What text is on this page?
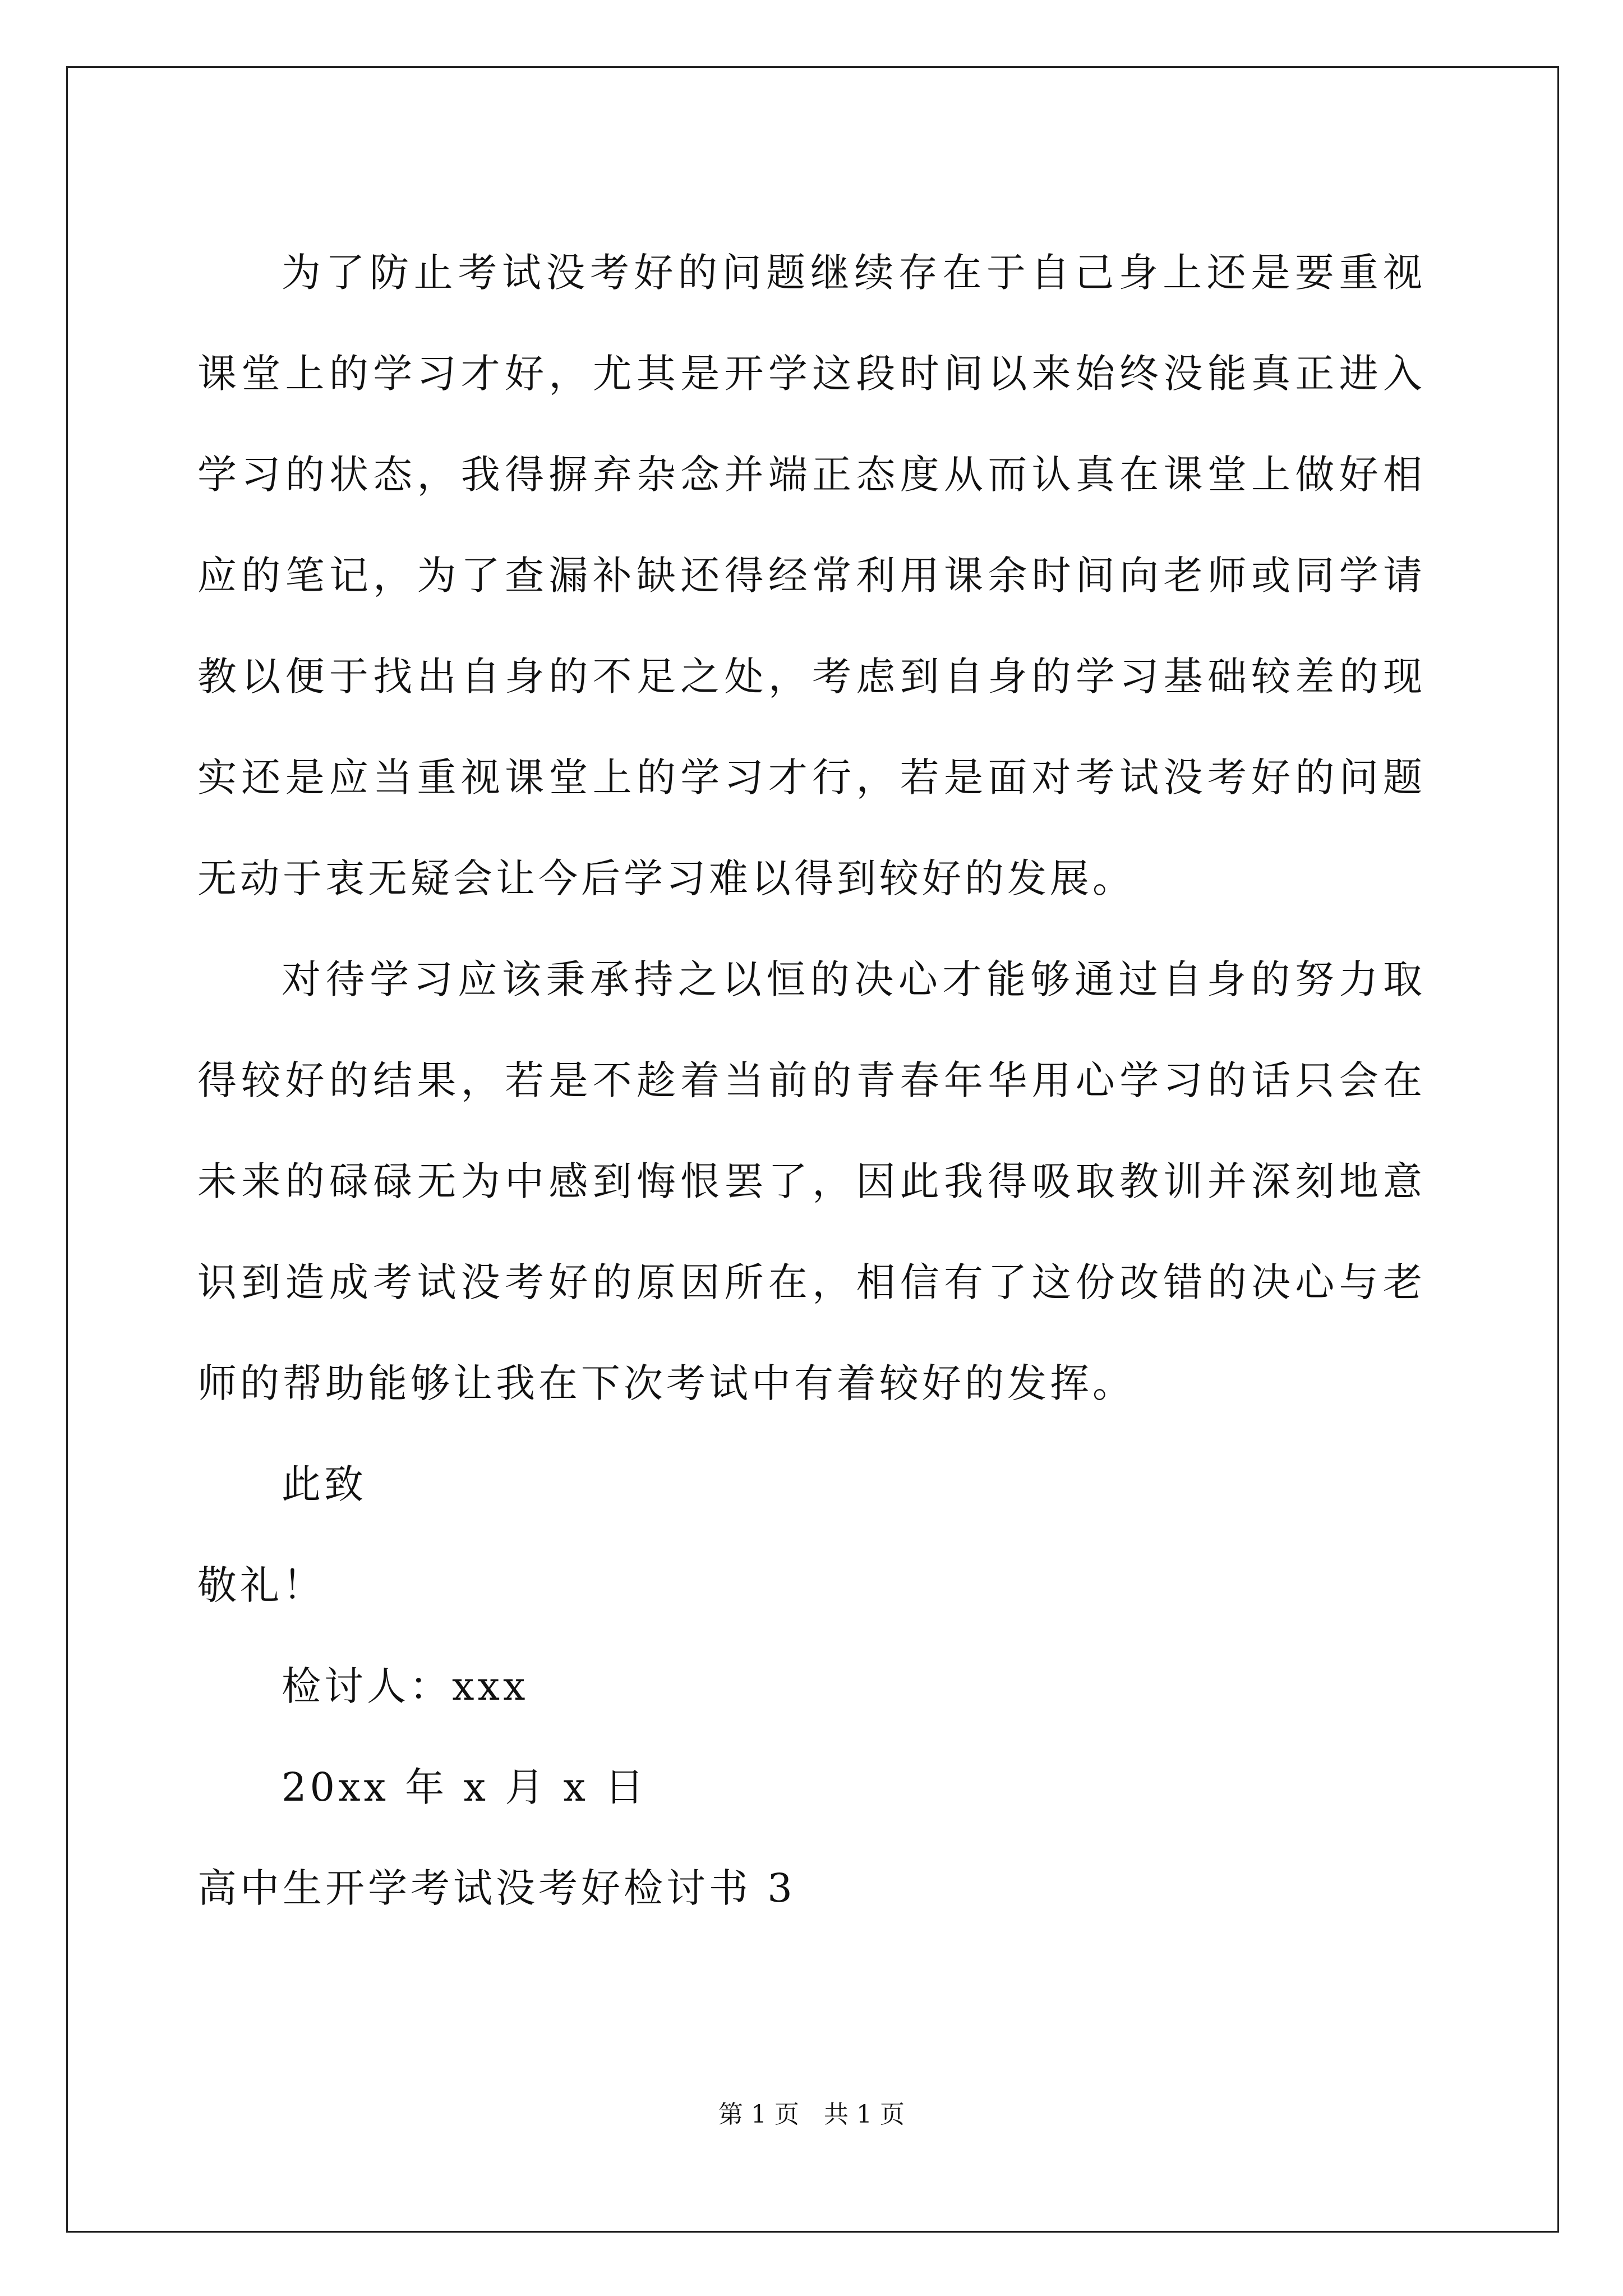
为了防止考试没考好的问题继续存在于自己身上还是要重视课堂上的学习才好，尤其是开学这段时间以来始终没能真正进入学习的状态，我得摒弃杂念并端正态度从而认真在课堂上做好相应的笔记，为了查漏补缺还得经常利用课余时间向老师或同学请教以便于找出自身的不足之处，考虑到自身的学习基础较差的现实还是应当重视课堂上的学习才行，若是面对考试没考好的问题无动于衷无疑会让今后学习难以得到较好的发展。

对待学习应该秉承持之以恒的决心才能够通过自身的努力取得较好的结果，若是不趁着当前的青春年华用心学习的话只会在未来的碌碌无为中感到悔恨罢了，因此我得吸取教训并深刻地意识到造成考试没考好的原因所在，相信有了这份改错的决心与老师的帮助能够让我在下次考试中有着较好的发挥。

此致

敬礼！

检讨人：xxx

20xx 年 x 月 x 日

高中生开学考试没考好检讨书 3

第 1 页　共 1 页
